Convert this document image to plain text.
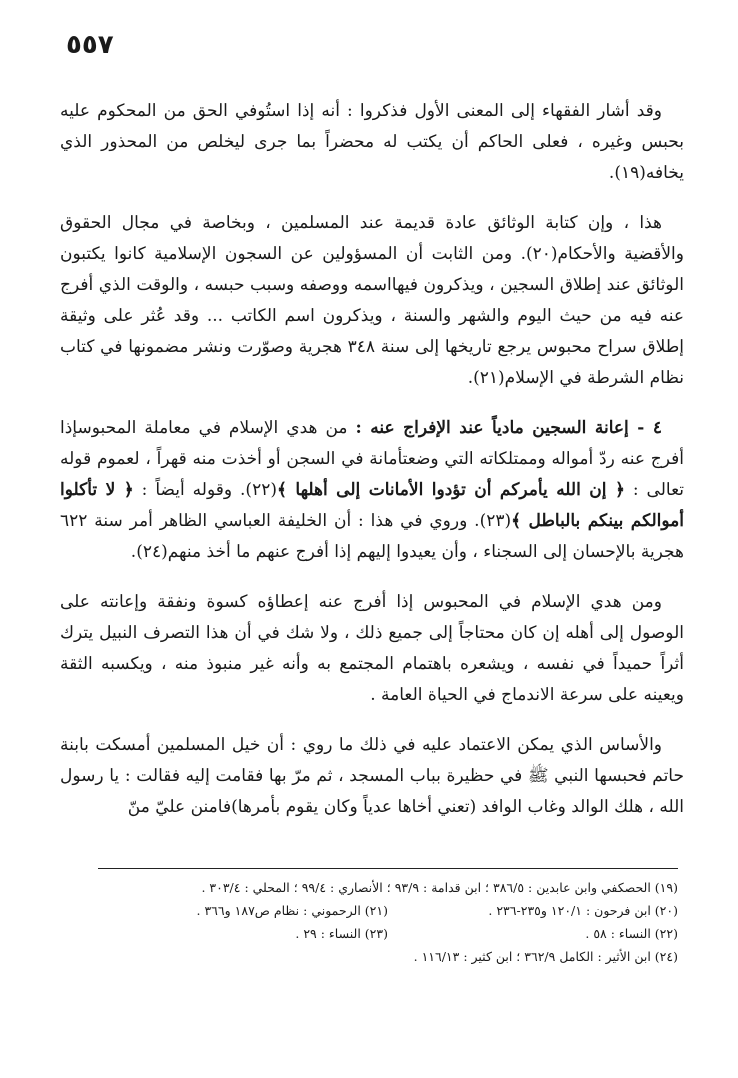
٥٥٧

وقد أشار الفقهاء إلى المعنى الأول فذكروا : أنه إذا استُوفي الحق من المحكوم عليه بحبس وغيره ، فعلى الحاكم أن يكتب له محضراً بما جرى ليخلص من المحذور الذي يخافه(١٩).

هذا ، وإن كتابة الوثائق عادة قديمة عند المسلمين ، وبخاصة في مجال الحقوق والأقضية والأحكام(٢٠). ومن الثابت أن المسؤولين عن السجون الإسلامية كانوا يكتبون الوثائق عند إطلاق السجين ، ويذكرون فيهااسمه ووصفه وسبب حبسه ، والوقت الذي أفرج عنه فيه من حيث اليوم والشهر والسنة ، ويذكرون اسم الكاتب ... وقد عُثر على وثيقة إطلاق سراح محبوس يرجع تاريخها إلى سنة ٣٤٨ هجرية وصوّرت ونشر مضمونها في كتاب نظام الشرطة في الإسلام(٢١).

٤ - إعانة السجين مادياً عند الإفراج عنه : من هدي الإسلام في معاملة المحبوسإذا أفرج عنه ردّ أمواله وممتلكاته التي وضعتأمانة في السجن أو أخذت منه قهراً ، لعموم قوله تعالى : ﴿ إن الله يأمركم أن تؤدوا الأمانات إلى أهلها ﴾(٢٢). وقوله أيضاً : ﴿ لا تأكلوا أموالكم بينكم بالباطل ﴾(٢٣). وروي في هذا : أن الخليفة العباسي الظاهر أمر سنة ٦٢٢ هجرية بالإحسان إلى السجناء ، وأن يعيدوا إليهم إذا أفرج عنهم ما أخذ منهم(٢٤).

ومن هدي الإسلام في المحبوس إذا أفرج عنه إعطاؤه كسوة ونفقة وإعانته على الوصول إلى أهله إن كان محتاجاً إلى جميع ذلك ، ولا شك في أن هذا التصرف النبيل يترك أثراً حميداً في نفسه ، ويشعره باهتمام المجتمع به وأنه غير منبوذ منه ، ويكسبه الثقة ويعينه على سرعة الاندماج في الحياة العامة .

والأساس الذي يمكن الاعتماد عليه في ذلك ما روي : أن خيل المسلمين أمسكت بابنة حاتم فحبسها النبي ﷺ في حظيرة بباب المسجد ، ثم مرّ بها فقامت إليه فقالت : يا رسول الله ، هلك الوالد وغاب الوافد (تعني أخاها عدياً وكان يقوم بأمرها)فامنن عليّ منّ

(١٩) الحصكفي وابن عابدين : ٣٨٦/٥ ؛ ابن قدامة : ٩٣/٩ ؛ الأنصاري : ٩٩/٤ ؛ المحلي : ٣٠٣/٤ .
(٢٠) ابن فرحون : ١٢٠/١ و٢٣٥-٢٣٦ .
(٢١) الرحموني : نظام ص١٨٧ و٣٦٦ .
(٢٢) النساء : ٥٨ .
(٢٣) النساء : ٢٩ .
(٢٤) ابن الأثير : الكامل ٣٦٢/٩ ؛ ابن كثير : ١١٦/١٣ .
